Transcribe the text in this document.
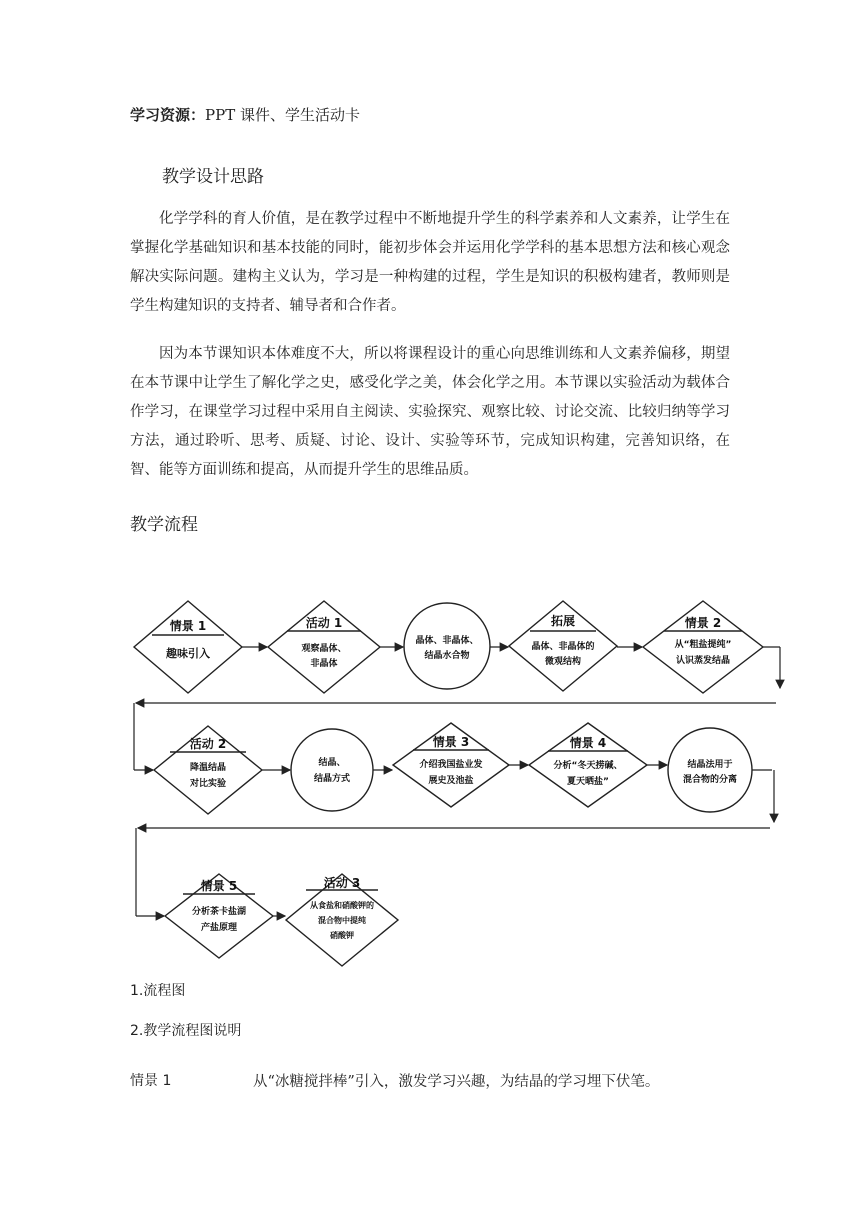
学习资源：PPT 课件、学生活动卡
教学设计思路

化学学科的育人价值，是在教学过程中不断地提升学生的科学素养和人文素养，让学生在掌握化学基础知识和基本技能的同时，能初步体会并运用化学学科的基本思想方法和核心观念解决实际问题。建构主义认为，学习是一种构建的过程，学生是知识的积极构建者，教师则是学生构建知识的支持者、辅导者和合作者。

因为本节课知识本体难度不大，所以将课程设计的重心向思维训练和人文素养偏移，期望在本节课中让学生了解化学之史，感受化学之美，体会化学之用。本节课以实验活动为载体合作学习，在课堂学习过程中采用自主阅读、实验探究、观察比较、讨论交流、比较归纳等学习方法，通过聆听、思考、质疑、讨论、设计、实验等环节，完成知识构建，完善知识络，在智、能等方面训练和提高，从而提升学生的思维品质。

教学流程
情景 1
趣味引入
活动 1
观察晶体、
非晶体
晶体、非晶体、
结晶水合物
拓展
晶体、非晶体的
微观结构
情景 2
从“粗盐提纯”
认识蒸发结晶
活动 2
降温结晶
对比实验
结晶、
结晶方式
情景 3
介绍我国盐业发
展史及池盐
情景 4
分析“冬天捞碱、
夏天晒盐”
结晶法用于
混合物的分离
情景 5
分析茶卡盐湖
产盐原理
活动 3
从食盐和硝酸钾的
混合物中提纯
硝酸钾
1.流程图
2.教学流程图说明
情景 1	从“冰糖搅拌棒”引入，激发学习兴趣，为结晶的学习埋下伏笔。
